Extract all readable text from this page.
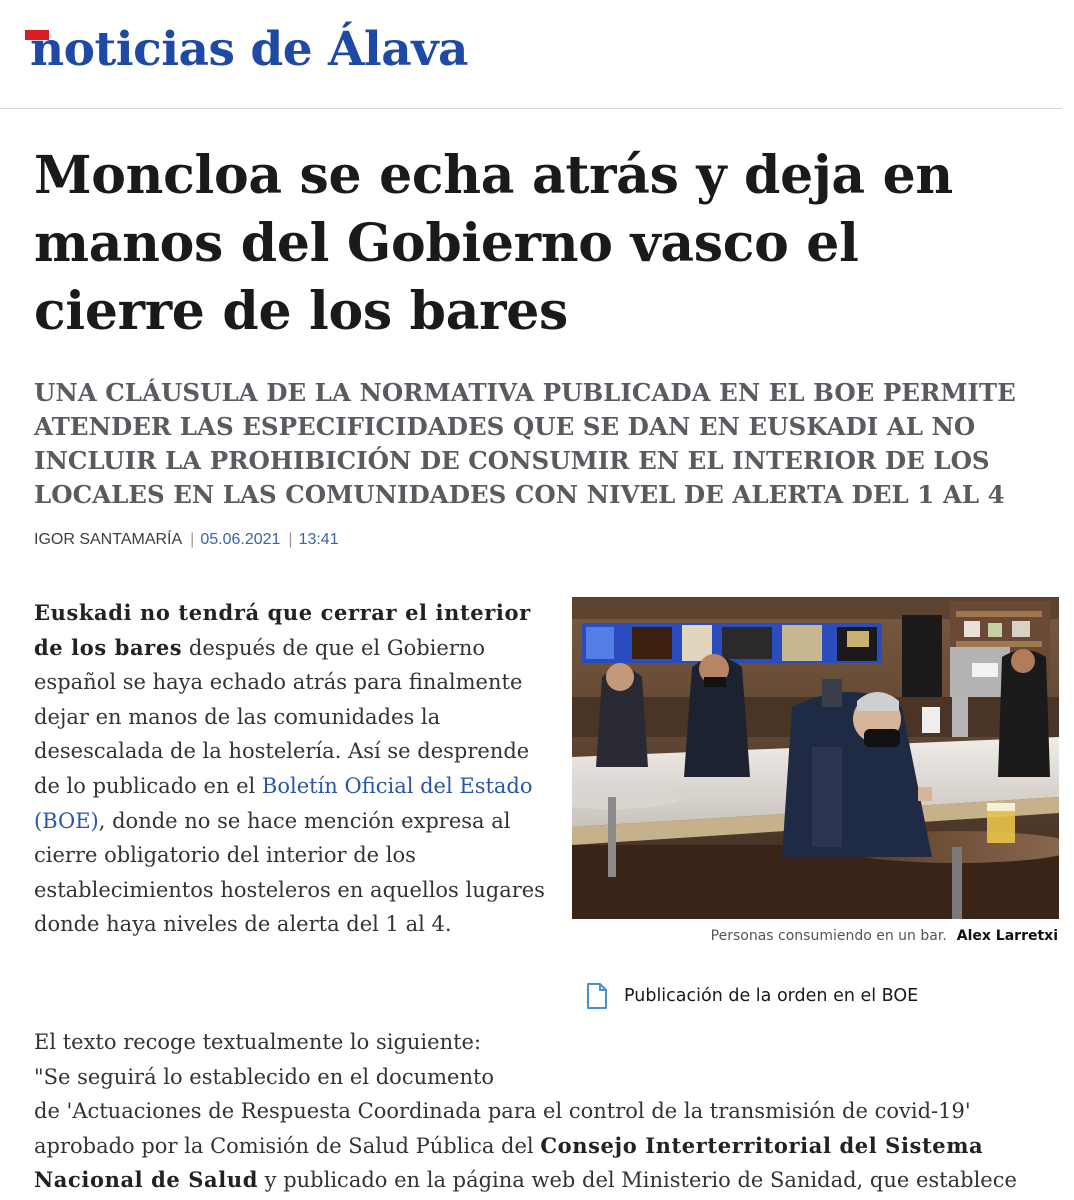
noticias de Álava
Moncloa se echa atrás y deja en manos del Gobierno vasco el cierre de los bares
UNA CLÁUSULA DE LA NORMATIVA PUBLICADA EN EL BOE PERMITE ATENDER LAS ESPECIFICIDADES QUE SE DAN EN EUSKADI AL NO INCLUIR LA PROHIBICIÓN DE CONSUMIR EN EL INTERIOR DE LOS LOCALES EN LAS COMUNIDADES CON NIVEL DE ALERTA DEL 1 AL 4
IGOR SANTAMARÍA | 05.06.2021 | 13:41
Euskadi no tendrá que cerrar el interior de los bares después de que el Gobierno español se haya echado atrás para finalmente dejar en manos de las comunidades la desescalada de la hostelería. Así se desprende de lo publicado en el Boletín Oficial del Estado (BOE), donde no se hace mención expresa al cierre obligatorio del interior de los establecimientos hosteleros en aquellos lugares donde haya niveles de alerta del 1 al 4.	Personas consumiendo en un bar. Alex Larretxi
Publicación de la orden en el BOE

El texto recoge textualmente lo siguiente:

"Se seguirá lo establecido en el documento

de 'Actuaciones de Respuesta Coordinada para el control de la transmisión de covid-19'

aprobado por la Comisión de Salud Pública del Consejo Interterritorial del Sistema

Nacional de Salud y publicado en la página web del Ministerio de Sanidad, que establece
